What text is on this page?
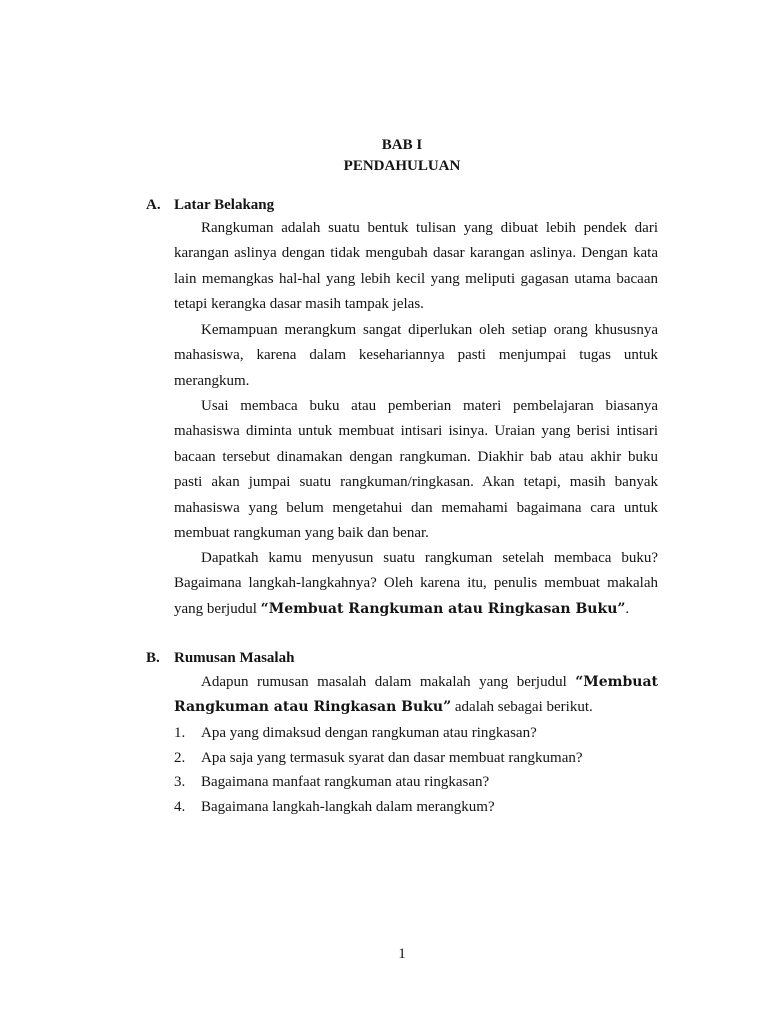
BAB I
PENDAHULUAN
A. Latar Belakang

Rangkuman adalah suatu bentuk tulisan yang dibuat lebih pendek dari karangan aslinya dengan tidak mengubah dasar karangan aslinya. Dengan kata lain memangkas hal-hal yang lebih kecil yang meliputi gagasan utama bacaan tetapi kerangka dasar masih tampak jelas.

Kemampuan merangkum sangat diperlukan oleh setiap orang khususnya mahasiswa, karena dalam kesehariannya pasti menjumpai tugas untuk merangkum.

Usai membaca buku atau pemberian materi pembelajaran biasanya mahasiswa diminta untuk membuat intisari isinya. Uraian yang berisi intisari bacaan tersebut dinamakan dengan rangkuman. Diakhir bab atau akhir buku pasti akan jumpai suatu rangkuman/ringkasan. Akan tetapi, masih banyak mahasiswa yang belum mengetahui dan memahami bagaimana cara untuk membuat rangkuman yang baik dan benar.

Dapatkah kamu menyusun suatu rangkuman setelah membaca buku? Bagaimana langkah-langkahnya? Oleh karena itu, penulis membuat makalah yang berjudul “Membuat Rangkuman atau Ringkasan Buku”.

B. Rumusan Masalah

Adapun rumusan masalah dalam makalah yang berjudul “Membuat Rangkuman atau Ringkasan Buku” adalah sebagai berikut.

1. Apa yang dimaksud dengan rangkuman atau ringkasan?
2. Apa saja yang termasuk syarat dan dasar membuat rangkuman?
3. Bagaimana manfaat rangkuman atau ringkasan?
4. Bagaimana langkah-langkah dalam merangkum?
1
